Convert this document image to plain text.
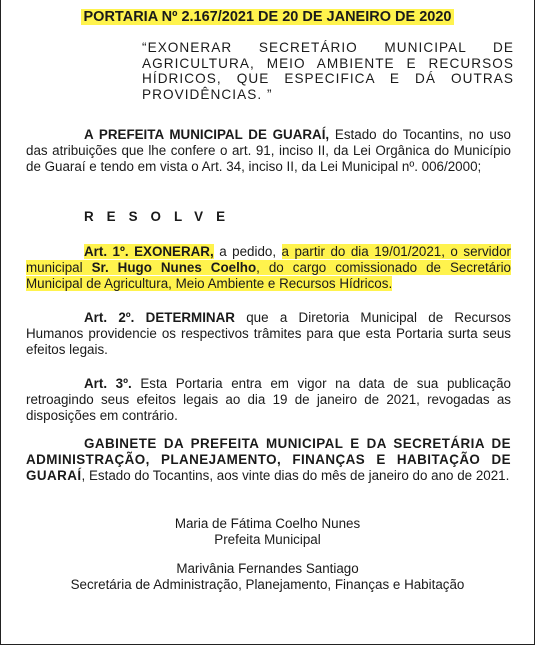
PORTARIA Nº 2.167/2021 DE 20 DE JANEIRO DE 2020
“EXONERAR SECRETÁRIO MUNICIPAL DE AGRICULTURA, MEIO AMBIENTE E RECURSOS HÍDRICOS, QUE ESPECIFICA E DÁ OUTRAS PROVIDÊNCIAS. ”
A PREFEITA MUNICIPAL DE GUARAÍ, Estado do Tocantins, no uso das atribuições que lhe confere o art. 91, inciso II, da Lei Orgânica do Município de Guaraí e tendo em vista o Art. 34, inciso II, da Lei Municipal nº. 006/2000;
RESOLVE
Art. 1º. EXONERAR, a pedido, a partir do dia 19/01/2021, o servidor municipal Sr. Hugo Nunes Coelho, do cargo comissionado de Secretário Municipal de Agricultura, Meio Ambiente e Recursos Hídricos.
Art. 2º. DETERMINAR que a Diretoria Municipal de Recursos Humanos providencie os respectivos trâmites para que esta Portaria surta seus efeitos legais.
Art. 3º. Esta Portaria entra em vigor na data de sua publicação retroagindo seus efeitos legais ao dia 19 de janeiro de 2021, revogadas as disposições em contrário.
GABINETE DA PREFEITA MUNICIPAL E DA SECRETÁRIA DE ADMINISTRAÇÃO, PLANEJAMENTO, FINANÇAS E HABITAÇÃO DE GUARAÍ, Estado do Tocantins, aos vinte dias do mês de janeiro do ano de 2021.
Maria de Fátima Coelho Nunes
Prefeita Municipal
Marivânia Fernandes Santiago
Secretária de Administração, Planejamento, Finanças e Habitação
